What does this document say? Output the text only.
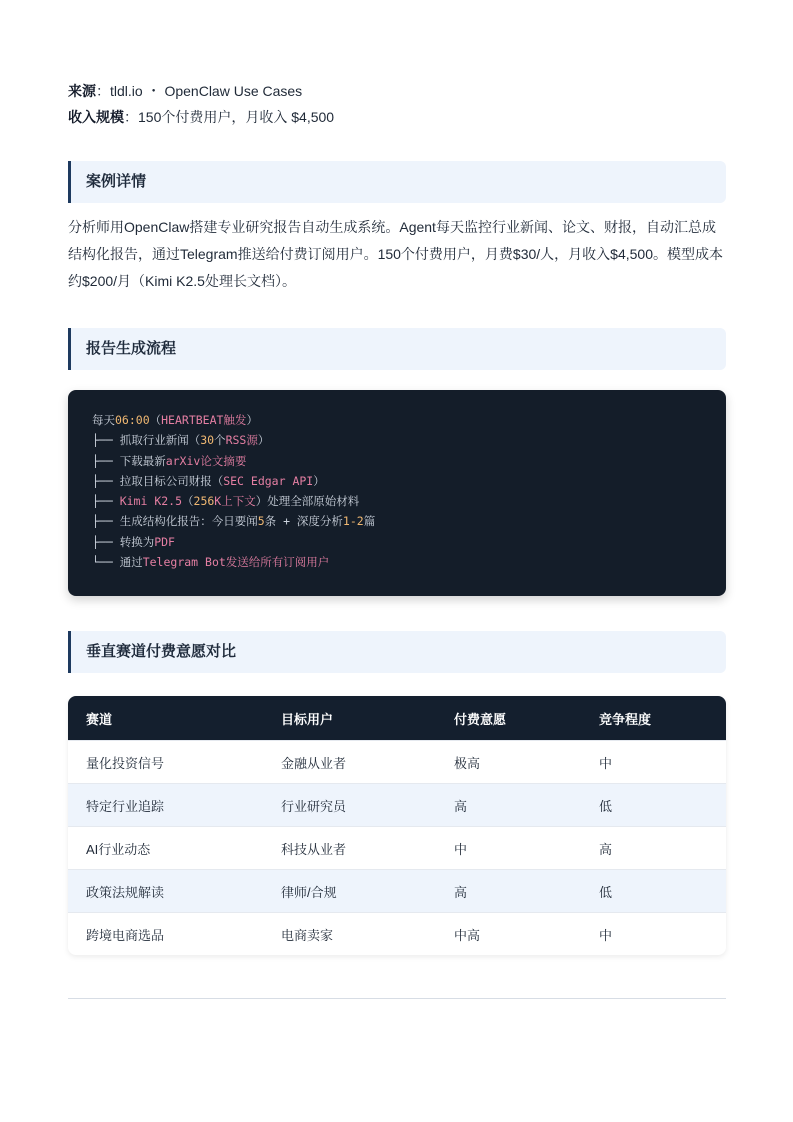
来源：tldl.io ・ OpenClaw Use Cases
收入规模：150个付费用户，月收入 $4,500
案例详情
分析师用OpenClaw搭建专业研究报告自动生成系统。Agent每天监控行业新闻、论文、财报，自动汇总成结构化报告，通过Telegram推送给付费订阅用户。150个付费用户，月费$30/人，月收入$4,500。模型成本约$200/月（Kimi K2.5处理长文档）。
报告生成流程
每天06:00（HEARTBEAT触发）
├── 抓取行业新闻（30个RSS源）
├── 下载最新arXiv论文摘要
├── 拉取目标公司财报（SEC Edgar API）
├── Kimi K2.5（256K上下文）处理全部原始材料
├── 生成结构化报告：今日要闻5条 + 深度分析1-2篇
├── 转换为PDF
└── 通过Telegram Bot发送给所有订阅用户
垂直赛道付费意愿对比
赛道	目标用户	付费意愿	竞争程度
量化投资信号	金融从业者	极高	中
特定行业追踪	行业研究员	高	低
AI行业动态	科技从业者	中	高
政策法规解读	律师/合规	高	低
跨境电商选品	电商卖家	中高	中
